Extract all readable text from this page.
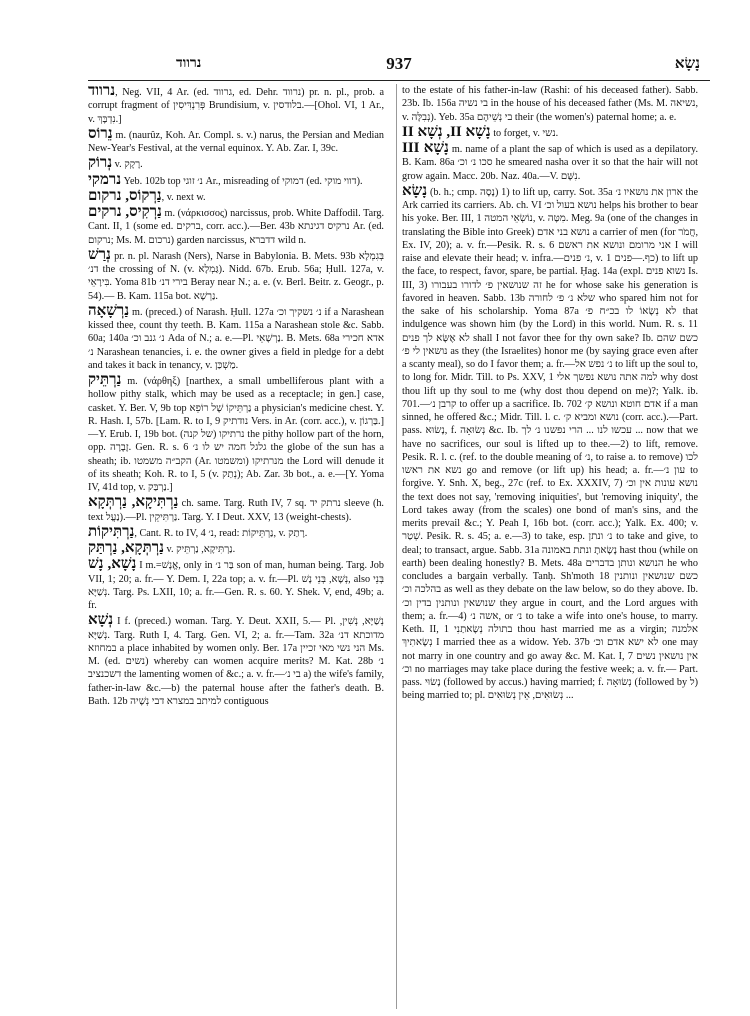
נרווד	937	נָשָׂא

נרווד, Neg. VII, 4 Ar. (ed. גרווד, ed. Dehr. נרווד) pr. n. pl., prob. a corrupt fragment of פְּרִנְדִּיסִין Brundisium, v. בלודסין.—[Ohol. VI, 1 Ar., v. נִדְבָּךְ.]

נֵרוֹס m. (naurûz, Koh. Ar. Compl. s. v.) narus, the Persian and Median New-Year's Festival, at the vernal equinox. Y. Ab. Zar. I, 39c.

נְרוֹק v. רָקָק.

נרמקי Yeb. 102b top נ׳ זוגי Ar., misreading of דמוקי (ed. דווי מוקי).

נַרְקוֹס, נרקום, v. next w.

נַרְקִיס, נרקים m. (νάρκισσος) narcissus, prob. White Daffodil. Targ. Cant. II, 1 (some ed. ברקים, corr. acc.).—Ber. 43b נרקיס דגינתא Ar. (ed. נרקום; Ms. M. נרכום) garden narcissus, דדברא wild n.

נְרַשׁ pr. n. pl. Narash (Ners), Narse in Babylonia. B. Mets. 93b בְּגִמְלָא דנ׳ the crossing of N. (v. גַּמְלָא). Nidd. 67b. Erub. 56a; Ḥull. 127a, v. בִּירָאֵי. Yoma 81b בירי דנ׳ Beray near N.; a. e. (v. Berl. Beitr. z. Geogr., p. 54).— B. Kam. 115a bot. נַרְשָׁא.

נַרְשָׁאָה m. (preced.) of Narash. Ḥull. 127a נ׳ נשקיך וכ׳ if a Narashean kissed thee, count thy teeth. B. Kam. 115a a Narashean stole &c. Sabb. 60a; 140a נ׳ גנב וכ׳ Ada of N.; a. e.—Pl. נַרְשָׁאֵי. B. Mets. 68a אדא חכירי נ׳ Narashean tenancies, i. e. the owner gives a field in pledge for a debt and takes it back in tenancy, v. מַשְׁכַּן.

נַרְתֵּיק m. (νάρθηξ) [narthex, a small umbelliferous plant with a hollow pithy stalk, which may be used as a receptacle; in gen.] case, casket. Y. Ber. V, 9b top נַרְתֵּיקוֹ שֶׁל רוֹפֵא a physician's medicine chest. Y. R. Hash. I, 57b. [Lam. R. to I, 9 נודתיק Vers. in Ar. (corr. acc.), v. בַּרְגוֹן.]—Y. Erub. I, 19b bot. נרתיקו (של קנה) the pithy hollow part of the horn, opp. זֶבֶרָה. Gen. R. s. 6 גלגל חמה יש לו נ׳ the globe of the sun has a sheath; ib. הקב״ה משמטו (Ar. ומשמטו) מנרתיקו the Lord will denude it of its sheath; Koh. R. to I, 5 (v. נְתַק); Ab. Zar. 3b bot., a. e.—[Y. Yoma IV, 41d top, v. נַרְבַּק.]

נַרְתִּיקָא, נַרְתְּקָא ch. same. Targ. Ruth IV, 7 sq. נרתק יד sleeve (h. text נַעֲל).—Pl. נַרְתִּיקֵין. Targ. Y. I Deut. XXV, 13 (weight-chests).

נַרְתִּיקוֹת, Cant. R. to IV, 4 נ׳, read: נַרְתֵּיקוֹת, v. רָתַק.

נַרְתְּקָא, נַרְתַּק v. נַרְתִּיקָא, נַרְתֵּיק.

נָשָׁא, נָשׁ I m.=אֱנָשׁ, only in בַּר נ׳ son of man, human being. Targ. Job VII, 1; 20; a. fr.— Y. Dem. I, 22a top; a. v. fr.—Pl. נְשָׁא, בְּנֵי נָשׁ, also בְּנֵי נְשַׁיָּא. Targ. Ps. LXII, 10; a. fr.—Gen. R. s. 60. Y. Shek. V, end, 49b; a. fr.

נְשָׁא I f. (preced.) woman. Targ. Y. Deut. XXII, 5.— Pl. נְשַׁיָּא, נְשִׁין, נְשַׁיָּא. Targ. Ruth I, 4. Targ. Gen. VI, 2; a. fr.—Tam. 32a מדוכתא דנ׳ במחוזא a place inhabited by women only. Ber. 17a הני נשי מאי זכיין Ms. M. (ed. נשים) whereby can women acquire merits? M. Kat. 28b נ׳ דשכנציב the lamenting women of &c.; a. v. fr.—בי נ׳ a) the wife's family, father-in-law &c.—b) the paternal house after the father's death. B. Bath. 12b למיתב במצרא דבי נְשָׁיה contiguous

to the estate of his father-in-law (Rashi: of his deceased father). Sabb. 23b. Ib. 156a בי נשיה in the house of his deceased father (Ms. M. נשיאה, v. נְבִלָּה). Yeb. 35a בי נְשֵׁיהֶם their (the women's) paternal home; a. e.

נָשָׁא II, נְשָׁא II to forget, v. נשי.

נָשָׁא III m. name of a plant the sap of which is used as a depilatory. B. Kam. 86a סכו נ׳ וכ׳ he smeared nasha over it so that the hair will not grow again. Macc. 20b. Naz. 40a.—V. נִשָּׁם.

נָשָׂא (b. h.; cmp. נָסָה) 1) to lift up, carry. Sot. 35a ארון את נושאיו נ׳ the Ark carried its carriers. Ab. ch. VI נושא בעול וכ׳ helps his brother to bear his yoke. Ber. III, 1 נוֹשְׂאֵי המטה, v. מִטָּה. Meg. 9a (one of the changes in translating the Bible into Greek) נושא בני אדם a carrier of men (for חֲמֹר, Ex. IV, 20); a. v. fr.—Pesik. R. s. 6 אני מרומם ונושא את ראשם I will raise and elevate their head; v. infra.—נ׳ פנים, v. כף.—פנים 1) to lift up the face, to respect, favor, spare, be partial. Ḥag. 14a (expl. נשוא פנים Is. III, 3) זה שנושאין פ׳ לדורו בעבורו he for whose sake his generation is favored in heaven. Sabb. 13b שלא נ׳ פ׳ לחורה who spared him not for the sake of his scholarship. Yoma 87a לא נְשָׂאוֹ לו בכ״ח פ׳ that indulgence was shown him (by the Lord) in this world. Num. R. s. 11 לא אֶשָּׂא לך פנים shall I not favor thee for thy own sake? Ib. כשם שהם נושאין לי פ׳ as they (the Israelites) honor me (by saying grace even after a scanty meal), so do I favor them; a. fr.—נ׳ נפש אל to lift up the soul to, to long for. Midr. Till. to Ps. XXV, 1 למה אתה נושא נפשך אלי why dost thou lift up thy soul to me (why dost thou depend on me)?; Yalk. ib. 701.—קרבן נ׳ to offer up a sacrifice. Ib. 702 אדם חוטא ונושא ק׳ if a man sinned, he offered &c.; Midr. Till. l. c. נושא ומביא ק׳ (corr. acc.).—Part. pass. נָשׂוּא, f. נְשׂוּאָה &c. Ib. עכשו לנו ... הרי נפשנו נ׳ לך ... now that we have no sacrifices, our soul is lifted up to thee.—2) to lift, remove. Pesik. R. l. c. (ref. to the double meaning of נ׳, to raise a. to remove) לכו נשא את ראשו go and remove (or lift up) his head; a. fr.—עון נ׳ to forgive. Y. Snh. X, beg., 27c (ref. to Ex. XXXIV, 7) נושא עונות אין וכ׳ the text does not say, 'removing iniquities', but 'removing iniquity', the Lord takes away (from the scales) one bond of man's sins, and the merits prevail &c.; Y. Peah I, 16b bot. (corr. acc.); Yalk. Ex. 400; v. שְׁטַר. Pesik. R. s. 45; a. e.—3) to take, esp. נ׳ ונתן to take and give, to deal; to transact, argue. Sabb. 31a נָשָׂאתָ ונתת באמונה hast thou (while on earth) been dealing honestly? B. Mets. 48a הנושא ונותן בדברים he who concludes a bargain verbally. Tanḥ. Sh'moth 18 כשם שנושאין ונותנין בהלכה וכ׳ as well as they debate on the law below, so do they above. Ib. שנושאין ונותנין בדין וכ׳ they argue in court, and the Lord argues with them; a. fr.—4) אשה נ׳, or נ׳ to take a wife into one's house, to marry. Keth. II, 1 בתולה נְשָׂאתַנִי thou hast married me as a virgin; אלמנה נְשָׂאתִיךְ I married thee as a widow. Yeb. 37b לא ישא אדם וכ׳ one may not marry in one country and go away &c. M. Kat. I, 7 אין נושאין נשים וכ׳ no marriages may take place during the festive week; a. v. fr.— Part. pass. נָשׂוּי (followed by accus.) having married; f. נְשׂוּאָה (followed by ל) being married to; pl. נְשׂוּאִים, אֵין נְשׂוּאִים ...
